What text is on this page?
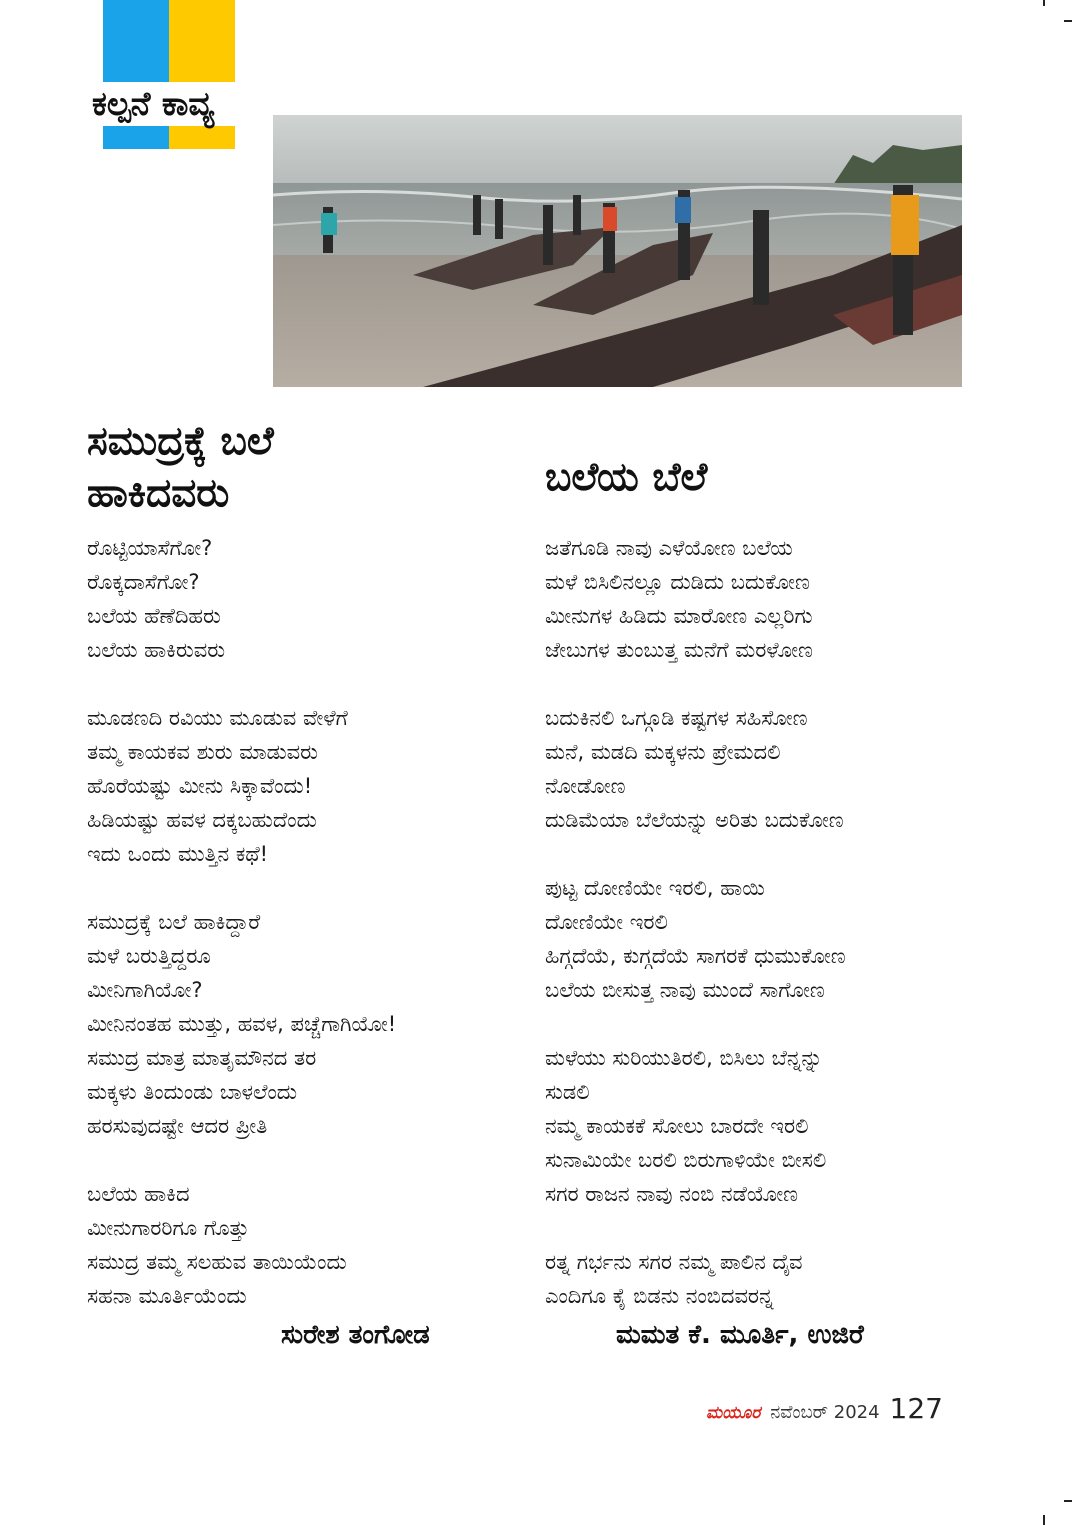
ಕಲ್ಪನೆ ಕಾವ್ಯ
ಸಮುದ್ರಕ್ಕೆ ಬಲೆ
ಹಾಕಿದವರು
ರೊಟ್ಟಿಯಾಸೆಗೋ?
ರೊಕ್ಕದಾಸೆಗೋ?
ಬಲೆಯ ಹೆಣೆದಿಹರು
ಬಲೆಯ ಹಾಕಿರುವರು
ಮೂಡಣದಿ ರವಿಯು ಮೂಡುವ ವೇಳೆಗೆ
ತಮ್ಮ ಕಾಯಕವ ಶುರು ಮಾಡುವರು
ಹೊರೆಯಷ್ಟು ಮೀನು ಸಿಕ್ಕಾವೆಂದು!
ಹಿಡಿಯಷ್ಟು ಹವಳ ದಕ್ಕಬಹುದೆಂದು
ಇದು ಒಂದು ಮುತ್ತಿನ ಕಥೆ!
ಸಮುದ್ರಕ್ಕೆ ಬಲೆ ಹಾಕಿದ್ದಾರೆ
ಮಳೆ ಬರುತ್ತಿದ್ದರೂ
ಮೀನಿಗಾಗಿಯೋ?
ಮೀನಿನಂತಹ ಮುತ್ತು, ಹವಳ, ಪಚ್ಚೆಗಾಗಿಯೋ!
ಸಮುದ್ರ ಮಾತ್ರ ಮಾತೃಮೌನದ ತರ
ಮಕ್ಕಳು ತಿಂದುಂಡು ಬಾಳಲೆಂದು
ಹರಸುವುದಷ್ಟೇ ಆದರ ಪ್ರೀತಿ
ಬಲೆಯ ಹಾಕಿದ
ಮೀನುಗಾರರಿಗೂ ಗೊತ್ತು
ಸಮುದ್ರ ತಮ್ಮ ಸಲಹುವ ತಾಯಿಯೆಂದು
ಸಹನಾ ಮೂರ್ತಿಯೆಂದು
ಸುರೇಶ ತಂಗೋಡ
ಬಲೆಯ ಬೆಲೆ
ಜತೆಗೂಡಿ ನಾವು ಎಳೆಯೋಣ ಬಲೆಯ
ಮಳೆ ಬಿಸಿಲಿನಲ್ಲೂ ದುಡಿದು ಬದುಕೋಣ
ಮೀನುಗಳ ಹಿಡಿದು ಮಾರೋಣ ಎಲ್ಲರಿಗು
ಜೇಬುಗಳ ತುಂಬುತ್ತ ಮನೆಗೆ ಮರಳೋಣ
ಬದುಕಿನಲಿ ಒಗ್ಗೂಡಿ ಕಷ್ಟಗಳ ಸಹಿಸೋಣ
ಮನೆ, ಮಡದಿ ಮಕ್ಕಳನು ಪ್ರೇಮದಲಿ
ನೋಡೋಣ
ದುಡಿಮೆಯಾ ಬೆಲೆಯನ್ನು ಅರಿತು ಬದುಕೋಣ
ಪುಟ್ಟ ದೋಣಿಯೇ ಇರಲಿ, ಹಾಯಿ
ದೋಣಿಯೇ ಇರಲಿ
ಹಿಗ್ಗದೆಯೆ, ಕುಗ್ಗದೆಯೆ ಸಾಗರಕೆ ಧುಮುಕೋಣ
ಬಲೆಯ ಬೀಸುತ್ತ ನಾವು ಮುಂದೆ ಸಾಗೋಣ
ಮಳೆಯು ಸುರಿಯುತಿರಲಿ, ಬಿಸಿಲು ಬೆನ್ನನ್ನು
ಸುಡಲಿ
ನಮ್ಮ ಕಾಯಕಕೆ ಸೋಲು ಬಾರದೇ ಇರಲಿ
ಸುನಾಮಿಯೇ ಬರಲಿ ಬಿರುಗಾಳಿಯೇ ಬೀಸಲಿ
ಸಗರ ರಾಜನ ನಾವು ನಂಬಿ ನಡೆಯೋಣ
ರತ್ನ ಗರ್ಭನು ಸಗರ ನಮ್ಮ ಪಾಲಿನ ದೈವ
ಎಂದಿಗೂ ಕೈ ಬಿಡನು ನಂಬಿದವರನ್ನ
ಮಮತ ಕೆ. ಮೂರ್ತಿ, ಉಜಿರೆ
ಮಯೂರ ನವೆಂಬರ್ 2024 127
